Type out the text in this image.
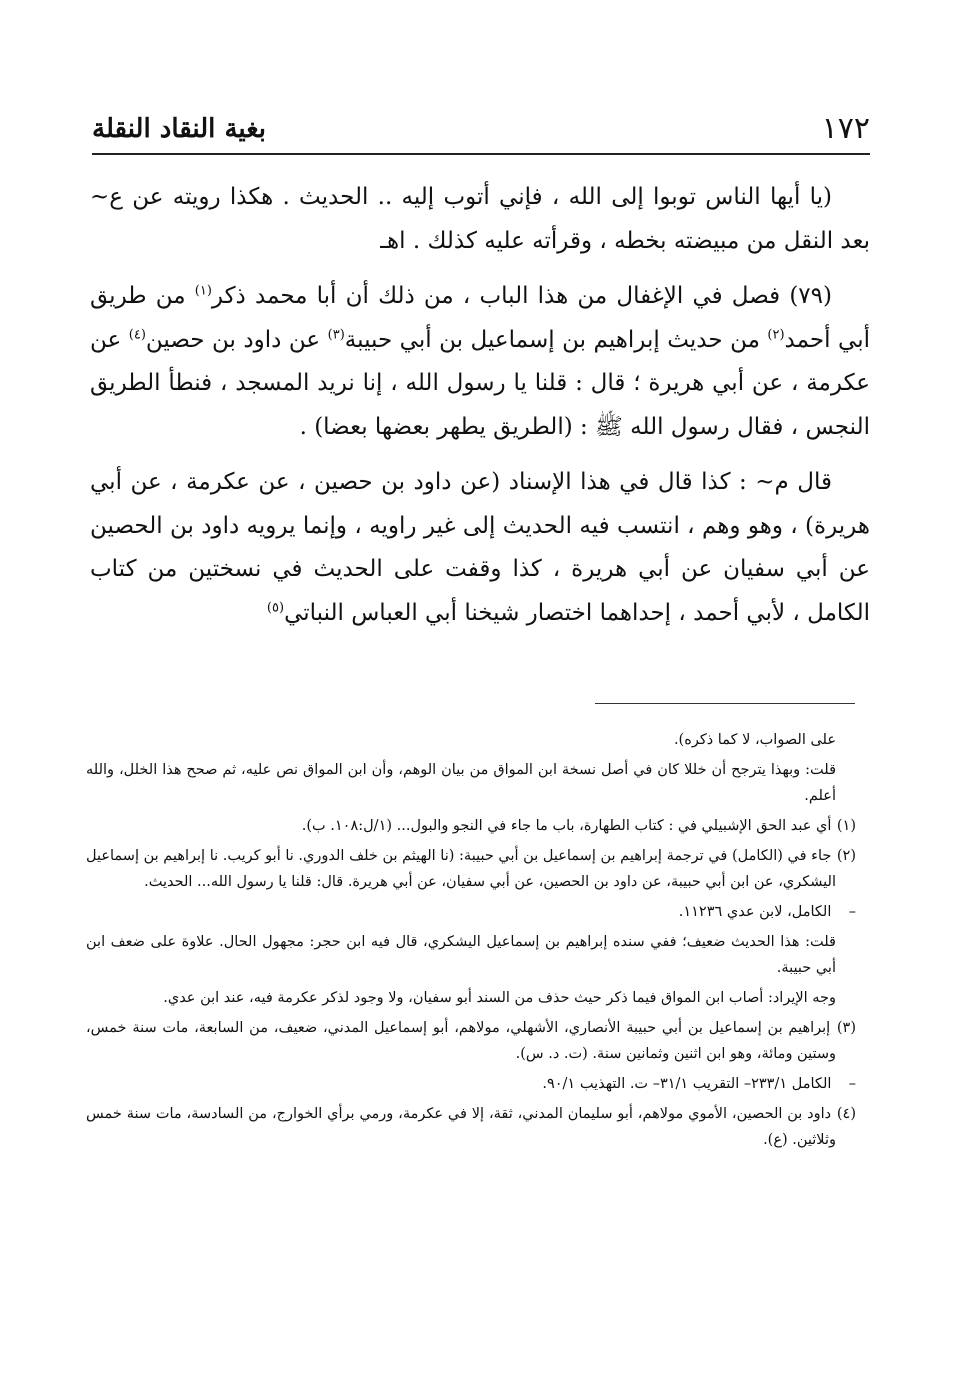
١٧٢
بغية النقاد النقلة

(يا أيها الناس توبوا إلى الله ، فإني أتوب إليه .. الحديث . هكذا رويته عن ع~ بعد النقل من مبيضته بخطه ، وقرأته عليه كذلك . اهـ

(٧٩) فصل في الإغفال من هذا الباب ، من ذلك أن أبا محمد ذكر$^{(١)}$ من طريق أبي أحمد$^{(٢)}$ من حديث إبراهيم بن إسماعيل بن أبي حبيبة$^{(٣)}$ عن داود بن حصين$^{(٤)}$ عن عكرمة ، عن أبي هريرة ؛ قال : قلنا يا رسول الله ، إنا نريد المسجد ، فنطأ الطريق النجس ، فقال رسول الله ﷺ : (الطريق يطهر بعضها بعضا) .

قال م~ : كذا قال في هذا الإسناد (عن داود بن حصين ، عن عكرمة ، عن أبي هريرة) ، وهو وهم ، انتسب فيه الحديث إلى غير راويه ، وإنما يرويه داود بن الحصين عن أبي سفيان عن أبي هريرة ، كذا وقفت على الحديث في نسختين من كتاب الكامل ، لأبي أحمد ، إحداهما اختصار شيخنا أبي العباس النباتي$^{(٥)}$

على الصواب، لا كما ذكره).

قلت: وبهذا يترجح أن خللا كان في أصل نسخة ابن المواق من بيان الوهم، وأن ابن المواق نص عليه، ثم صحح هذا الخلل، والله أعلم.

(١) أي عبد الحق الإشبيلي في : كتاب الطهارة، باب ما جاء في النجو والبول... (١/ل:١٠٨. ب).

(٢) جاء في (الكامل) في ترجمة إبراهيم بن إسماعيل بن أبي حبيبة: (نا الهيثم بن خلف الدوري. نا أبو كريب. نا إبراهيم بن إسماعيل اليشكري، عن ابن أبي حبيبة، عن داود بن الحصين، عن أبي سفيان، عن أبي هريرة. قال: قلنا يا رسول الله... الحديث.

– الكامل، لابن عدي ١١٢٣٦.

قلت: هذا الحديث ضعيف؛ ففي سنده إبراهيم بن إسماعيل اليشكري، قال فيه ابن حجر: مجهول الحال. علاوة على ضعف ابن أبي حبيبة.

وجه الإيراد: أصاب ابن المواق فيما ذكر حيث حذف من السند أبو سفيان، ولا وجود لذكر عكرمة فيه، عند ابن عدي.

(٣) إبراهيم بن إسماعيل بن أبي حبيبة الأنصاري، الأشهلي، مولاهم، أبو إسماعيل المدني، ضعيف، من السابعة، مات سنة خمس، وستين ومائة، وهو ابن اثنين وثمانين سنة. (ت. د. س).

– الكامل ٢٣٣/١– التقريب ٣١/١– ت. التهذيب ٩٠/١.

(٤) داود بن الحصين، الأموي مولاهم، أبو سليمان المدني، ثقة، إلا في عكرمة، ورمي برأي الخوارج، من السادسة، مات سنة خمس وثلاثين. (ع).
